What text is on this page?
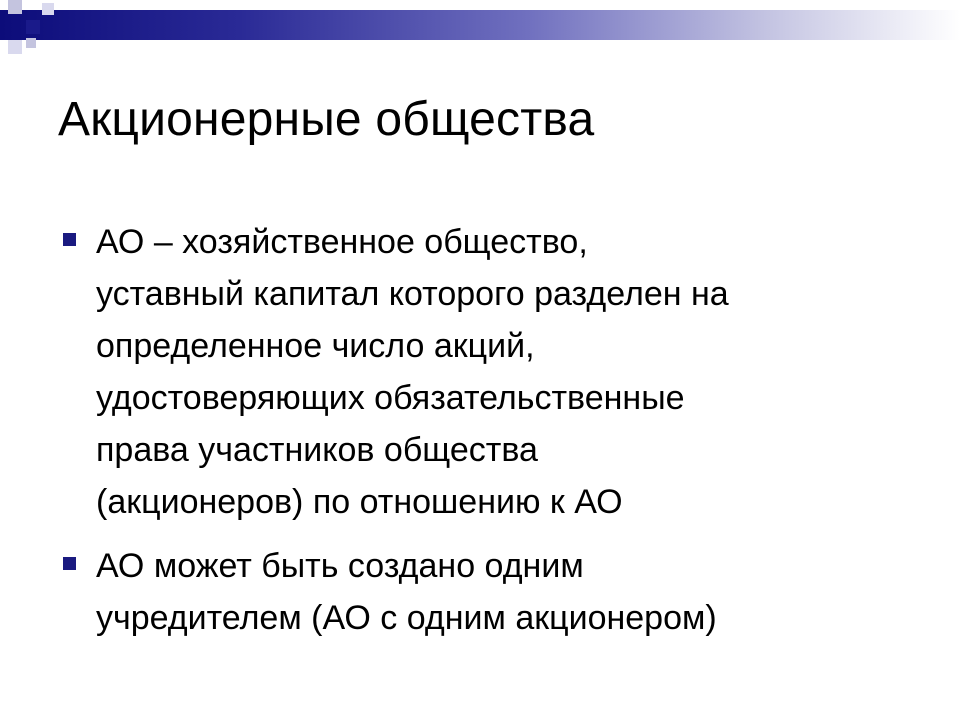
Акционерные общества
АО – хозяйственное общество,
уставный капитал которого разделен на
определенное число акций,
удостоверяющих обязательственные
права участников общества
(акционеров) по отношению к АО
АО может быть создано одним
учредителем (АО с одним акционером)
